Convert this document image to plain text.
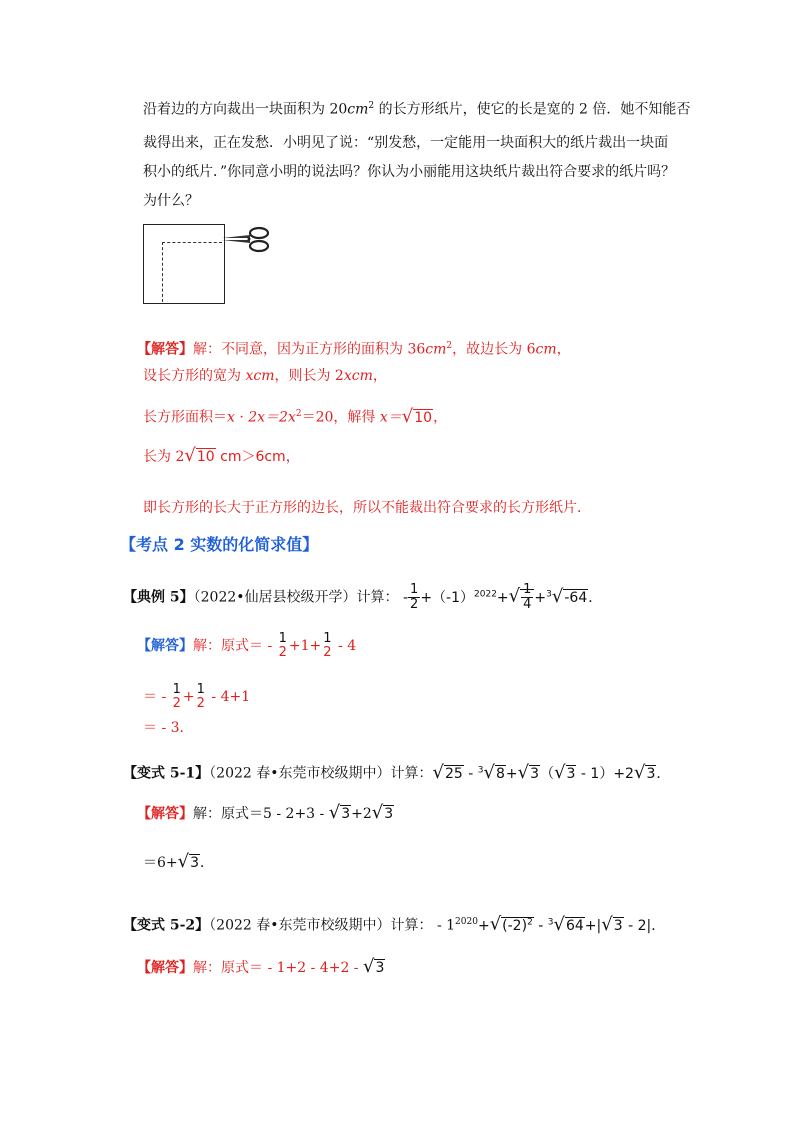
沿着边的方向裁出一块面积为 $20cm^2$ 的长方形纸片，使它的长是宽的 2 倍．她不知能否
裁得出来，正在发愁．小明见了说：“别发愁，一定能用一块面积大的纸片裁出一块面
积小的纸片．”你同意小明的说法吗？你认为小丽能用这块纸片裁出符合要求的纸片吗？
为什么？
【解答】解：不同意，因为正方形的面积为 $36cm^2$，故边长为 6cm，
设长方形的宽为 xcm，则长为 2xcm，
长方形面积$=x \cdot 2x=2x^2=20$，解得 x＝√10，
长为 2√10 cm＞6cm，
即长方形的长大于正方形的边长，所以不能裁出符合要求的长方形纸片．
【考点 2 实数的化简求值】
【典例 5】（2022•仙居县校级开学）计算： - $\frac{1}{2} +(-1)^{2022}+√ \frac{1}{4} +^3√-64$．
【解答】解：原式＝ - 1
2 +1+ 1
2 - 4
＝ - 1
2 + 1
2 - 4+1
＝ - 3．
【变式 5-1】（2022 春•东莞市校级期中）计算：√25 - $^3$√8+√3（√3 - 1）+2√3．
【解答】解：原式＝5 - 2+3 - √3+2√3
＝6+√3．
【变式 5-2】（2022 春•东莞市校级期中）计算： - $1^{2020}+√(-2)^2 - ^3√64+|√3 - 2|$．
【解答】解：原式＝ - 1+2 - 4+2 - √3
